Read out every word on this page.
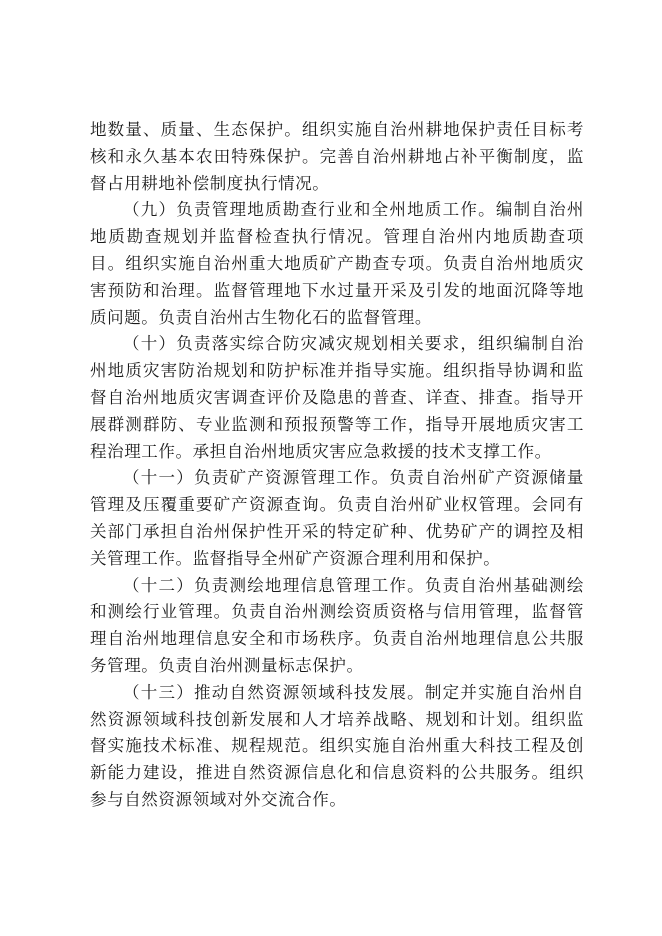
地数量、质量、生态保护。组织实施自治州耕地保护责任目标考核和永久基本农田特殊保护。完善自治州耕地占补平衡制度，监督占用耕地补偿制度执行情况。

（九）负责管理地质勘查行业和全州地质工作。编制自治州地质勘查规划并监督检查执行情况。管理自治州内地质勘查项目。组织实施自治州重大地质矿产勘查专项。负责自治州地质灾害预防和治理。监督管理地下水过量开采及引发的地面沉降等地质问题。负责自治州古生物化石的监督管理。

（十）负责落实综合防灾减灾规划相关要求，组织编制自治州地质灾害防治规划和防护标准并指导实施。组织指导协调和监督自治州地质灾害调查评价及隐患的普查、详查、排查。指导开展群测群防、专业监测和预报预警等工作，指导开展地质灾害工程治理工作。承担自治州地质灾害应急救援的技术支撑工作。

（十一）负责矿产资源管理工作。负责自治州矿产资源储量管理及压覆重要矿产资源查询。负责自治州矿业权管理。会同有关部门承担自治州保护性开采的特定矿种、优势矿产的调控及相关管理工作。监督指导全州矿产资源合理利用和保护。

（十二）负责测绘地理信息管理工作。负责自治州基础测绘和测绘行业管理。负责自治州测绘资质资格与信用管理，监督管理自治州地理信息安全和市场秩序。负责自治州地理信息公共服务管理。负责自治州测量标志保护。

（十三）推动自然资源领域科技发展。制定并实施自治州自然资源领域科技创新发展和人才培养战略、规划和计划。组织监督实施技术标准、规程规范。组织实施自治州重大科技工程及创新能力建设，推进自然资源信息化和信息资料的公共服务。组织参与自然资源领域对外交流合作。
